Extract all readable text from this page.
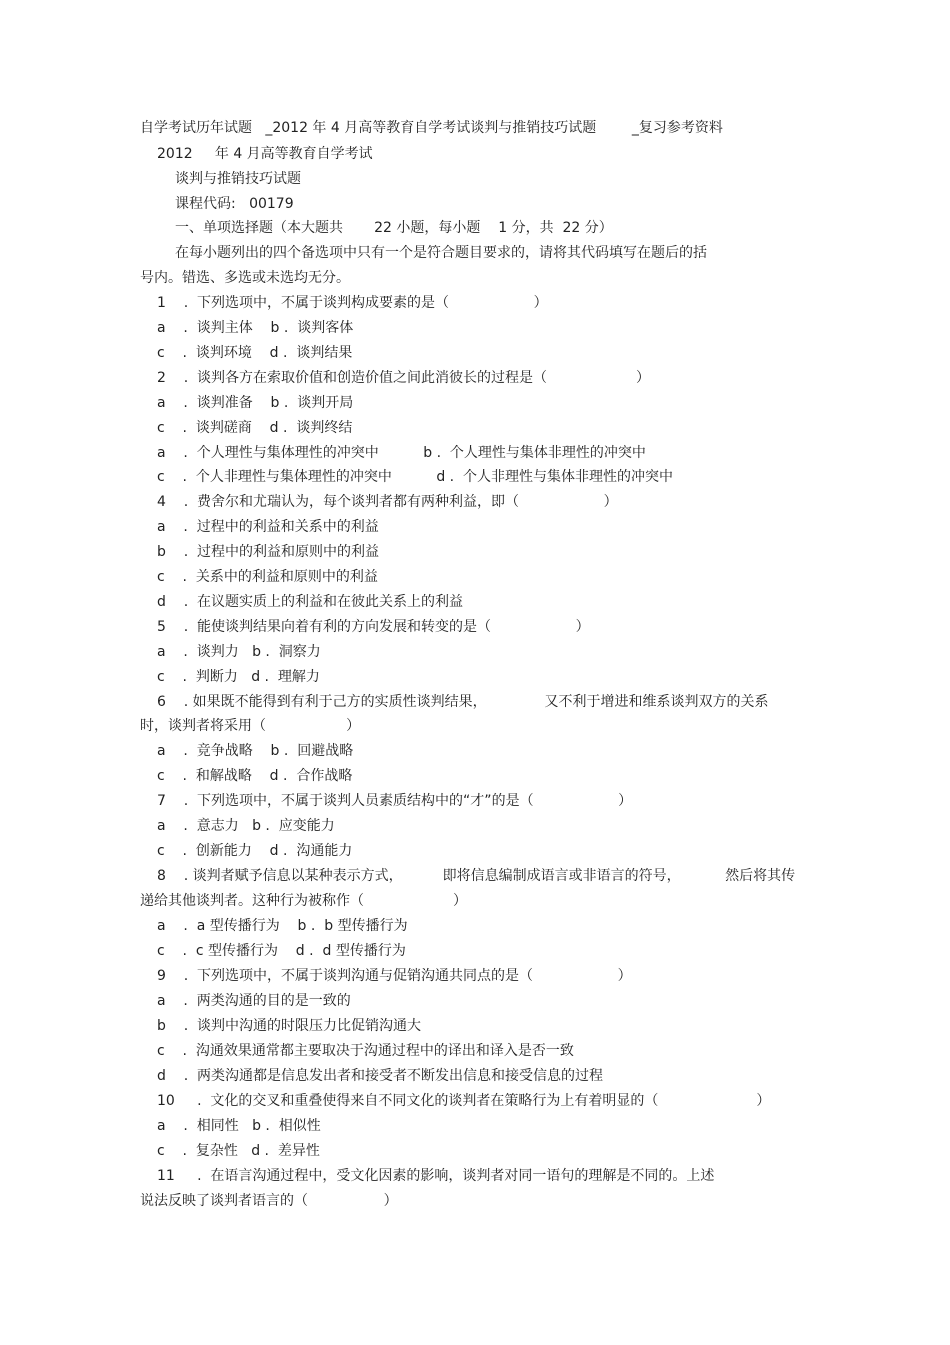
自学考试历年试题   _2012 年 4 月高等教育自学考试谈判与推销技巧试题        _复习参考资料
2012     年 4 月高等教育自学考试
谈判与推销技巧试题
课程代码:   00179
一、单项选择题（本大题共       22 小题，每小题    1 分，共  22 分）
在每小题列出的四个备选项中只有一个是符合题目要求的，请将其代码填写在题后的括
号内。错选、多选或未选均无分。
1    .  下列选项中，不属于谈判构成要素的是（                   ）
a    .  谈判主体    b .  谈判客体
c    .  谈判环境    d .  谈判结果
2    .  谈判各方在索取价值和创造价值之间此消彼长的过程是（                    ）
a    .  谈判准备    b .  谈判开局
c    .  谈判磋商    d .  谈判终结
a    .  个人理性与集体理性的冲突中          b .  个人理性与集体非理性的冲突中
c    .  个人非理性与集体理性的冲突中          d .  个人非理性与集体非理性的冲突中
4    .  费舍尔和尤瑞认为，每个谈判者都有两种利益，即（                   ）
a    .  过程中的利益和关系中的利益
b    .  过程中的利益和原则中的利益
c    .  关系中的利益和原则中的利益
d    .  在议题实质上的利益和在彼此关系上的利益
5    .  能使谈判结果向着有利的方向发展和转变的是（                   ）
a    .  谈判力   b .  洞察力
c    .  判断力   d .  理解力
6    . 如果既不能得到有利于己方的实质性谈判结果，             又不利于增进和维系谈判双方的关系
时，谈判者将采用（                  ）
a    .  竞争战略    b .  回避战略
c    .  和解战略    d .  合作战略
7    .  下列选项中，不属于谈判人员素质结构中的“才”的是（                   ）
a    .  意志力   b .  应变能力
c    .  创新能力    d .  沟通能力
8    . 谈判者赋予信息以某种表示方式，         即将信息编制成语言或非语言的符号，          然后将其传
递给其他谈判者。这种行为被称作（                    ）
a    .  a 型传播行为    b .  b 型传播行为
c    .  c 型传播行为    d .  d 型传播行为
9    .  下列选项中，不属于谈判沟通与促销沟通共同点的是（                   ）
a    .  两类沟通的目的是一致的
b    .  谈判中沟通的时限压力比促销沟通大
c    .  沟通效果通常都主要取决于沟通过程中的译出和译入是否一致
d    .  两类沟通都是信息发出者和接受者不断发出信息和接受信息的过程
10     .  文化的交叉和重叠使得来自不同文化的谈判者在策略行为上有着明显的（                      ）
a    .  相同性   b .  相似性
c    .  复杂性   d .  差异性
11     .  在语言沟通过程中，受文化因素的影响，谈判者对同一语句的理解是不同的。上述
说法反映了谈判者语言的（                 ）
